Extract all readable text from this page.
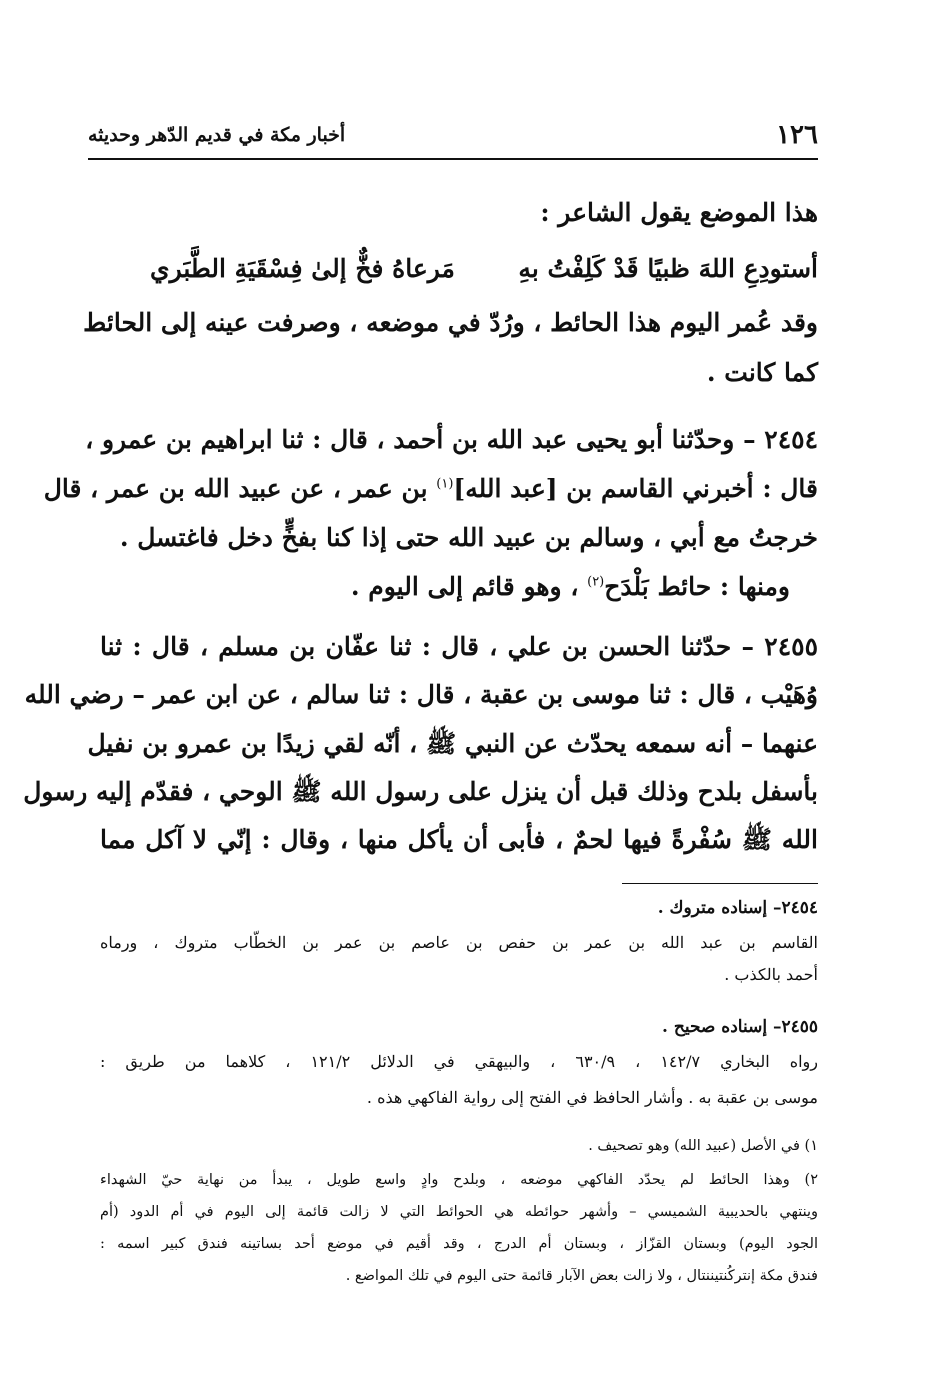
١٢٦
أخبار مكة في قديم الدّهر وحديثه
هذا الموضع يقول الشاعر :
أستودِعِ اللهَ ظبيًا قَدْ كَلِفْتُ بهِ
مَرعاهُ فخٌّ إلىٰ فِسْقَيَةِ الطَّبَري
وقد عُمر اليوم هذا الحائط ، ورُدّ في موضعه ، وصرفت عينه إلى الحائط
كما كانت .
٢٤٥٤ – وحدّثنا أبو يحيى عبد الله بن أحمد ، قال : ثنا ابراهيم بن عمرو ،
قال : أخبرني القاسم بن [عبد الله]$^{(١)}$ بن عمر ، عن عبيد الله بن عمر ، قال
خرجتُ مع أبي ، وسالم بن عبيد الله حتى إذا كنا بفخٍّ دخل فاغتسل .
ومنها : حائط بَلْدَح$^{(٢)}$ ، وهو قائم إلى اليوم .
٢٤٥٥ – حدّثنا الحسن بن علي ، قال : ثنا عفّان بن مسلم ، قال : ثنا
وُهَيْب ، قال : ثنا موسى بن عقبة ، قال : ثنا سالم ، عن ابن عمر – رضي الله
عنهما – أنه سمعه يحدّث عن النبي ﷺ ، أنّه لقي زيدًا بن عمرو بن نفيل
بأسفل بلدح وذلك قبل أن ينزل على رسول الله ﷺ الوحي ، فقدّم إليه رسول
الله ﷺ سُفْرةً فيها لحمٌ ، فأبى أن يأكل منها ، وقال : إنّي لا آكل مما
٢٤٥٤– إسناده متروك .
القاسم بن عبد الله بن عمر بن حفص بن عاصم بن عمر بن الخطّاب متروك ، ورماه
أحمد بالكذب .
٢٤٥٥– إسناده صحيح .
رواه البخاري ١٤٢/٧ ، ٦٣٠/٩ ، والبيهقي في الدلائل ١٢١/٢ ، كلاهما من طريق :
موسى بن عقبة به . وأشار الحافظ في الفتح إلى رواية الفاكهي هذه .
١) في الأصل (عبيد الله) وهو تصحيف .
٢) وهذا الحائط لم يحدّد الفاكهي موضعه ، وبلدح وادٍ واسع طويل ، يبدأ من نهاية حيّ الشهداء
وينتهي بالحديبية الشميسي – وأشهر حوائطه هي الحوائط التي لا زالت قائمة إلى اليوم في أم الدود (أم
الجود اليوم) وبستان القزّاز ، وبستان أم الدرج ، وقد أقيم في موضع أحد بساتينه فندق كبير اسمه :
فندق مكة إنتركُنتيننتال ، ولا زالت بعض الآبار قائمة حتى اليوم في تلك المواضع .
